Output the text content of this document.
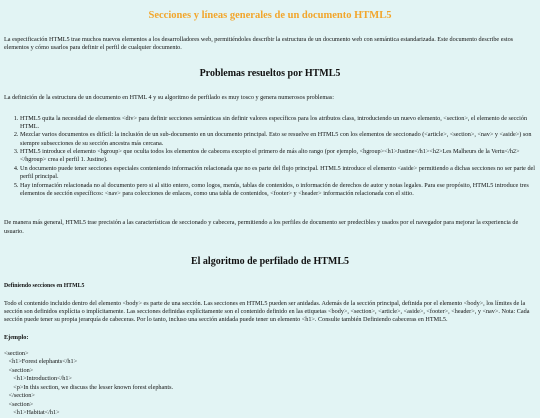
Secciones y líneas generales de un documento HTML5

La especificación HTML5 trae muchos nuevos elementos a los desarrolladores web, permitiéndoles describir la estructura de un documento web con semántica estandarizada. Este documento describe estos elementos y cómo usarlos para definir el perfil de cualquier documento.

Problemas resueltos por HTML5

La definición de la estructura de un documento en HTML 4 y su algoritmo de perfilado es muy tosco y genera numerosos problemas:

1. HTML5 quita la necesidad de elementos <div> para definir secciones semánticas sin definir valores específicos para los atributos class, introduciendo un nuevo elemento, <section>, el elemento de sección HTML.
2. Mezclar varios documentos es difícil: la inclusión de un sub-documento en un documento principal. Esto se resuelve en HTML5 con los elementos de seccionado (<article>, <section>, <nav> y <aside>) son siempre subsecciones de su sección ancestra más cercana.
3. HTML5 introduce el elemento <hgroup> que oculta todos los elementos de cabecera excepto el primero de más alto rango (por ejemplo, <hgroup><h1>Justine</h1><h2>Les Malheurs de la Vertu</h2></hgroup> crea el perfil 1. Justine).
4. Un documento puede tener secciones especiales conteniendo información relacionada que no es parte del flujo principal. HTML5 introduce el elemento <aside> permitiendo a dichas secciones no ser parte del perfil principal.
5. Hay información relacionada no al documento pero si al sitio entero, como logos, menús, tablas de contenidos, o información de derechos de autor y notas legales. Para ese propósito, HTML5 introduce tres elementos de sección específicos: <nav> para colecciones de enlaces, como una tabla de contenidos, <footer> y <header> información relacionada con el sitio.

De manera más general, HTML5 trae precisión a las características de seccionado y cabecera, permitiendo a los perfiles de documento ser predecibles y usados por el navegador para mejorar la experiencia de usuario.

El algoritmo de perfilado de HTML5
Definiendo secciones en HTML5

Todo el contenido incluido dentro del elemento <body> es parte de una sección. Las secciones en HTML5 pueden ser anidadas. Además de la sección principal, definida por el elemento <body>, los límites de la sección son definidos explícita o implícitamente. Las secciones definidas explícitamente son el contenido definido en las etiquetas <body>, <section>, <article>, <aside>, <footer>, <header>, y <nav>. Nota: Cada sección puede tener su propia jerarquía de cabeceras. Por lo tanto, incluso una sección anidada puede tener un elemento <h1>. Consulte también Definiendo cabeceras en HTML5.

Ejemplo:

<section>
<h1>Forest elephants</h1>
<section>
<h1>Introduction</h1>
<p>In this section, we discuss the lesser known forest elephants.
</section>
<section>
<h1>Habitat</h1>
